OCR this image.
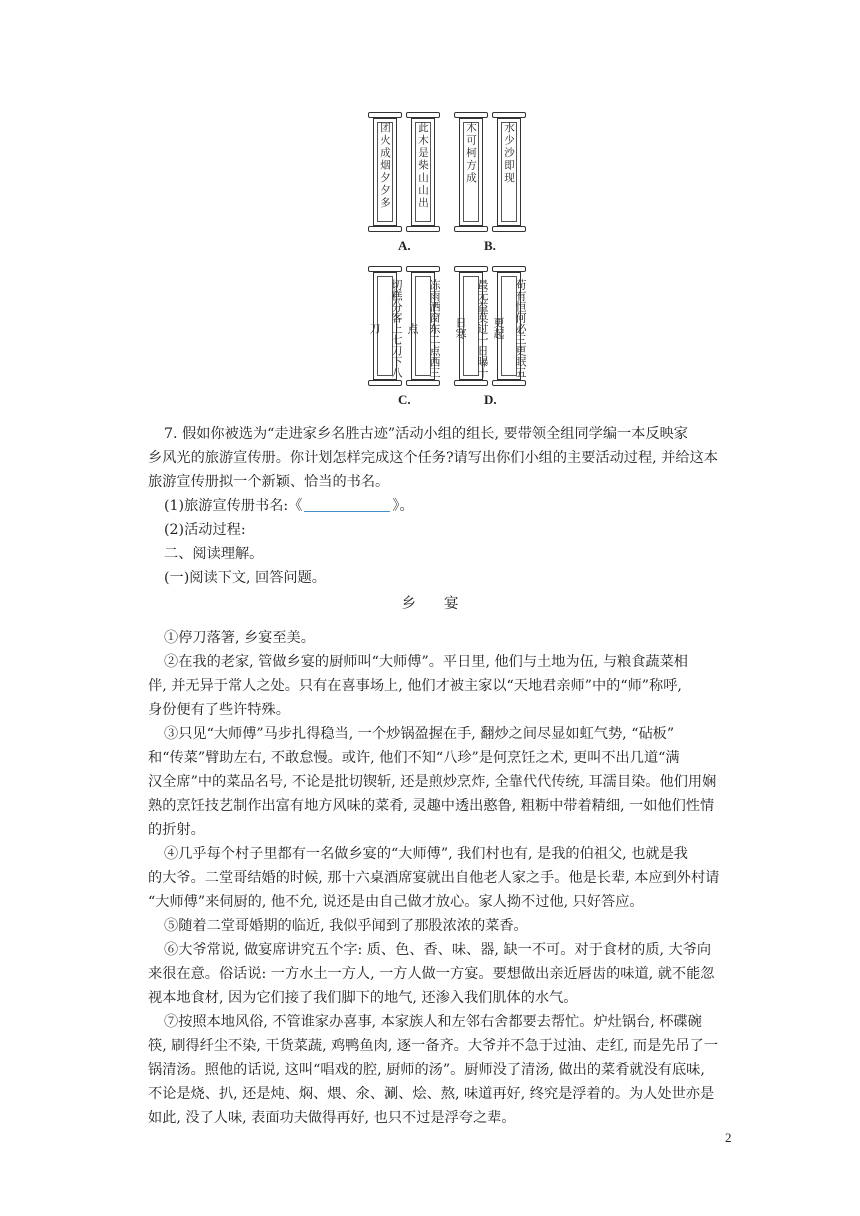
团火成烟夕夕多	此木是柴山山出
A.
木可柯方成	水少沙即现
B.
切糕分客上七刀下八刀	冻雨洒窗东二点西三点
C.
最无益莫过一日曝十日寒	苟有恒何必三更眠五更起
D.
7. 假如你被选为“走进家乡名胜古迹”活动小组的组长, 要带领全组同学编一本反映家
乡风光的旅游宣传册。你计划怎样完成这个任务?请写出你们小组的主要活动过程, 并给这本
旅游宣传册拟一个新颖、恰当的书名。
(1)旅游宣传册书名:《	》。
(2)活动过程:
二、阅读理解。
(一)阅读下文, 回答问题。
乡宴
①停刀落箸, 乡宴至美。
②在我的老家, 管做乡宴的厨师叫“大师傅”。平日里, 他们与土地为伍, 与粮食蔬菜相
伴, 并无异于常人之处。只有在喜事场上, 他们才被主家以“天地君亲师”中的“师”称呼,
身份便有了些许特殊。
③只见“大师傅”马步扎得稳当, 一个炒锅盈握在手, 翻炒之间尽显如虹气势, “砧板”
和“传菜”臂助左右, 不敢怠慢。或许, 他们不知“八珍”是何烹饪之术, 更叫不出几道“满
汉全席”中的菜品名号, 不论是批切锲斩, 还是煎炒烹炸, 全靠代代传统, 耳濡目染。他们用娴
熟的烹饪技艺制作出富有地方风味的菜肴, 灵趣中透出憨鲁, 粗粝中带着精细, 一如他们性情
的折射。
④几乎每个村子里都有一名做乡宴的“大师傅”, 我们村也有, 是我的伯祖父, 也就是我
的大爷。二堂哥结婚的时候, 那十六桌酒席宴就出自他老人家之手。他是长辈, 本应到外村请
“大师傅”来伺厨的, 他不允, 说还是由自己做才放心。家人拗不过他, 只好答应。
⑤随着二堂哥婚期的临近, 我似乎闻到了那股浓浓的菜香。
⑥大爷常说, 做宴席讲究五个字: 质、色、香、味、器, 缺一不可。对于食材的质, 大爷向
来很在意。俗话说: 一方水土一方人, 一方人做一方宴。要想做出亲近唇齿的味道, 就不能忽
视本地食材, 因为它们接了我们脚下的地气, 还渗入我们肌体的水气。
⑦按照本地风俗, 不管谁家办喜事, 本家族人和左邻右舍都要去帮忙。炉灶锅台, 杯碟碗
筷, 刷得纤尘不染, 干货菜蔬, 鸡鸭鱼肉, 逐一备齐。大爷并不急于过油、走红, 而是先吊了一
锅清汤。照他的话说, 这叫“唱戏的腔, 厨师的汤”。厨师没了清汤, 做出的菜肴就没有底味,
不论是烧、扒, 还是炖、焖、煨、氽、涮、烩、熬, 味道再好, 终究是浮着的。为人处世亦是
如此, 没了人味, 表面功夫做得再好, 也只不过是浮夸之辈。
2
